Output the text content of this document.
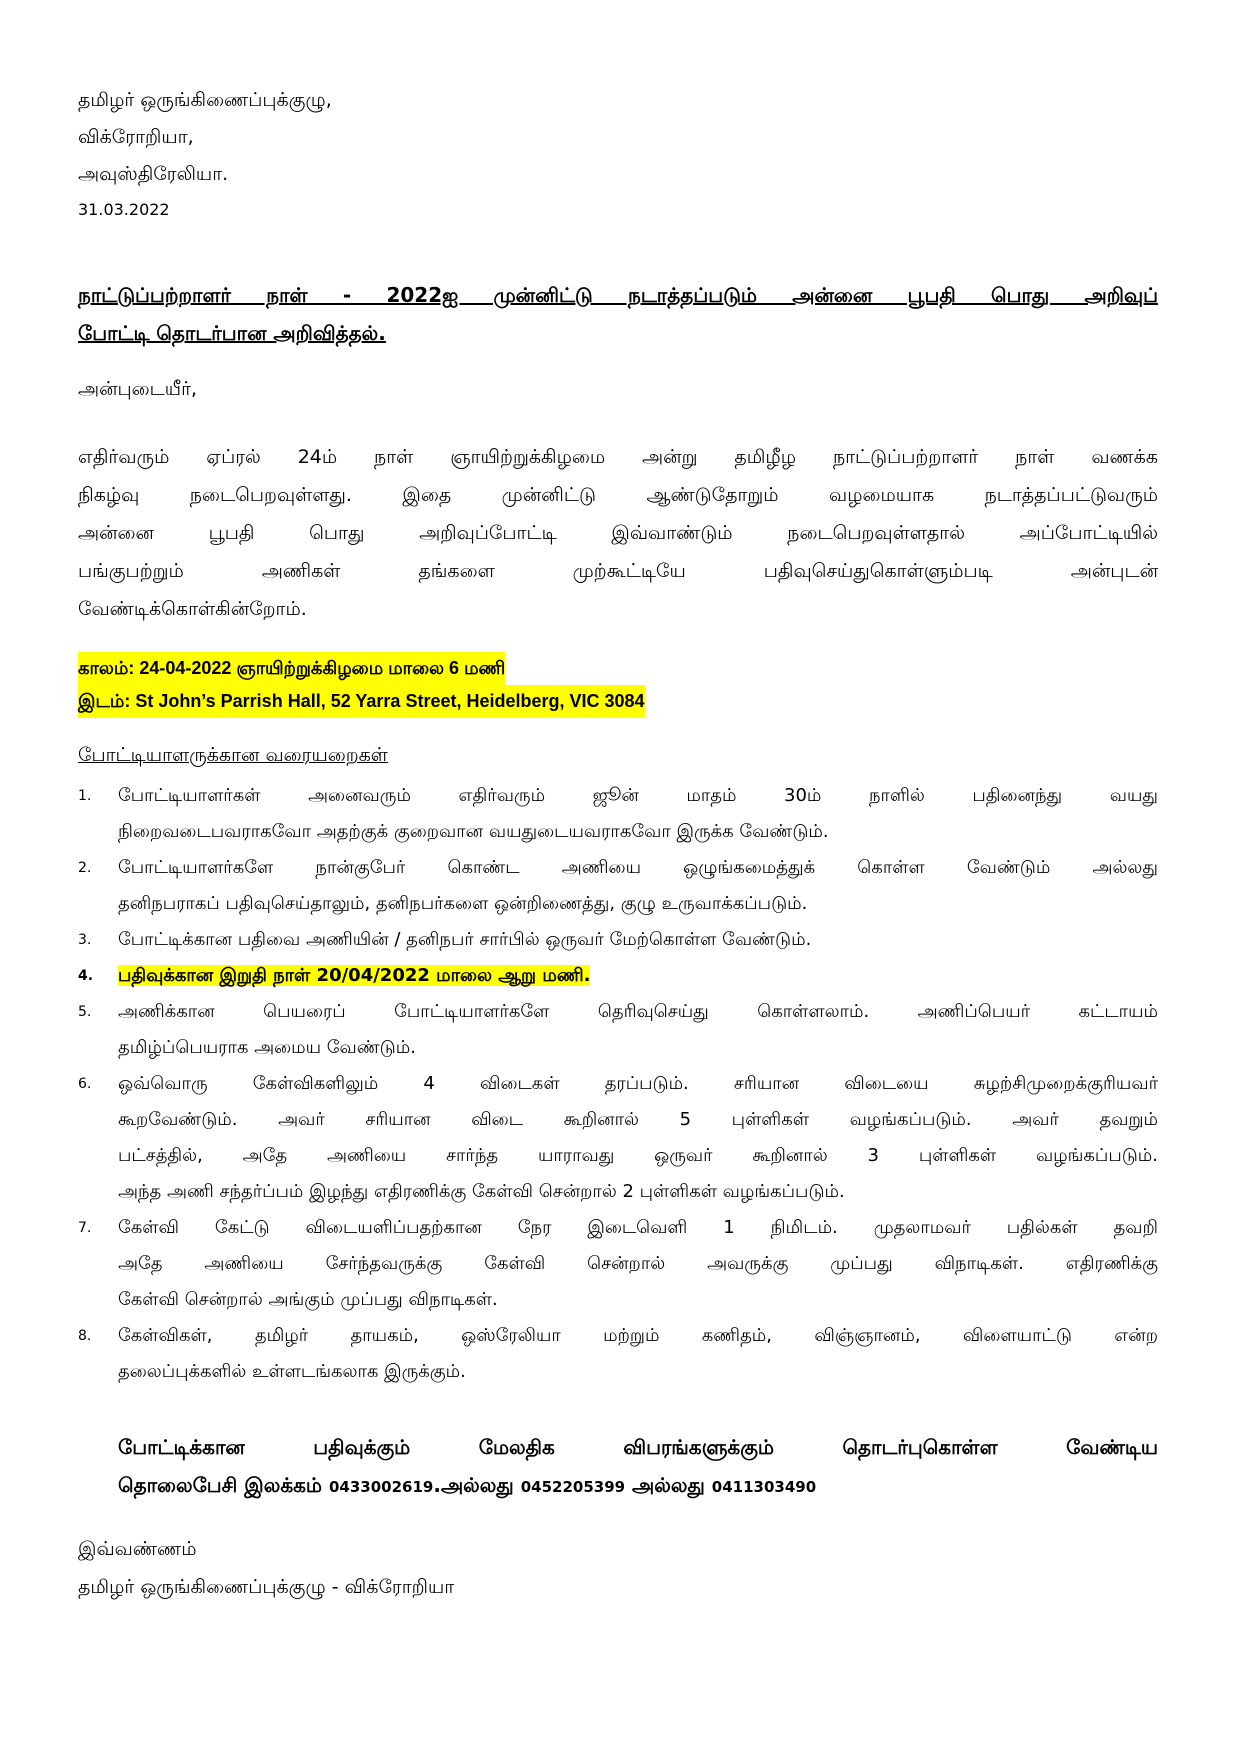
தமிழர் ஒருங்கிணைப்புக்குழு,
விக்ரோறியா,
அவுஸ்திரேலியா.
31.03.2022
நாட்டுப்பற்றாளர் நாள் - 2022ஐ முன்னிட்டு நடாத்தப்படும் அன்னை பூபதி பொது அறிவுப்
போட்டி தொடர்பான அறிவித்தல்.
அன்புடையீர்,
எதிர்வரும் ஏப்ரல் 24ம் நாள் ஞாயிற்றுக்கிழமை அன்று தமிழீழ நாட்டுப்பற்றாளர் நாள் வணக்க
நிகழ்வு நடைபெறவுள்ளது. இதை முன்னிட்டு ஆண்டுதோறும் வழமையாக நடாத்தப்பட்டுவரும்
அன்னை பூபதி பொது அறிவுப்போட்டி இவ்வாண்டும் நடைபெறவுள்ளதால் அப்போட்டியில்
பங்குபற்றும் அணிகள் தங்களை முற்கூட்டியே பதிவுசெய்துகொள்ளும்படி அன்புடன்
வேண்டிக்கொள்கின்றோம்.
காலம்: 24-04-2022 ஞாயிற்றுக்கிழமை மாலை 6 மணி
இடம்: St John’s Parrish Hall, 52 Yarra Street, Heidelberg, VIC 3084
போட்டியாளருக்கான வரையறைகள்
1.	போட்டியாளர்கள் அனைவரும் எதிர்வரும் ஜூன் மாதம் 30ம் நாளில் பதினைந்து வயது
நிறைவடைபவராகவோ அதற்குக் குறைவான வயதுடையவராகவோ இருக்க வேண்டும்.
2.	போட்டியாளர்களே நான்குபேர் கொண்ட அணியை ஒழுங்கமைத்துக் கொள்ள வேண்டும் அல்லது
தனிநபராகப் பதிவுசெய்தாலும், தனிநபர்களை ஒன்றிணைத்து, குழு உருவாக்கப்படும்.
3.	போட்டிக்கான பதிவை அணியின் / தனிநபர் சார்பில் ஒருவர் மேற்கொள்ள வேண்டும்.
4.	பதிவுக்கான இறுதி நாள் 20/04/2022 மாலை ஆறு மணி.
5.	அணிக்கான பெயரைப் போட்டியாளர்களே தெரிவுசெய்து கொள்ளலாம். அணிப்பெயர் கட்டாயம்
தமிழ்ப்பெயராக அமைய வேண்டும்.
6.	ஒவ்வொரு கேள்விகளிலும் 4 விடைகள் தரப்படும். சரியான விடையை சுழற்சிமுறைக்குரியவர்
கூறவேண்டும். அவர் சரியான விடை கூறினால் 5 புள்ளிகள் வழங்கப்படும். அவர் தவறும்
பட்சத்தில், அதே அணியை சார்ந்த யாராவது ஒருவர் கூறினால் 3 புள்ளிகள் வழங்கப்படும்.
அந்த அணி சந்தர்ப்பம் இழந்து எதிரணிக்கு கேள்வி சென்றால் 2 புள்ளிகள் வழங்கப்படும்.
7.	கேள்வி கேட்டு விடையளிப்பதற்கான நேர இடைவெளி 1 நிமிடம். முதலாமவர் பதில்கள் தவறி
அதே அணியை சேர்ந்தவருக்கு கேள்வி சென்றால் அவருக்கு முப்பது விநாடிகள். எதிரணிக்கு
கேள்வி சென்றால் அங்கும் முப்பது விநாடிகள்.
8.	கேள்விகள், தமிழர் தாயகம், ஒஸ்ரேலியா மற்றும் கணிதம், விஞ்ஞானம், விளையாட்டு என்ற
தலைப்புக்களில் உள்ளடங்கலாக இருக்கும்.
போட்டிக்கான பதிவுக்கும் மேலதிக விபரங்களுக்கும் தொடர்புகொள்ள வேண்டிய
தொலைபேசி இலக்கம் 0433002619.அல்லது 0452205399 அல்லது 0411303490
இவ்வண்ணம்
தமிழர் ஒருங்கிணைப்புக்குழு - விக்ரோறியா
